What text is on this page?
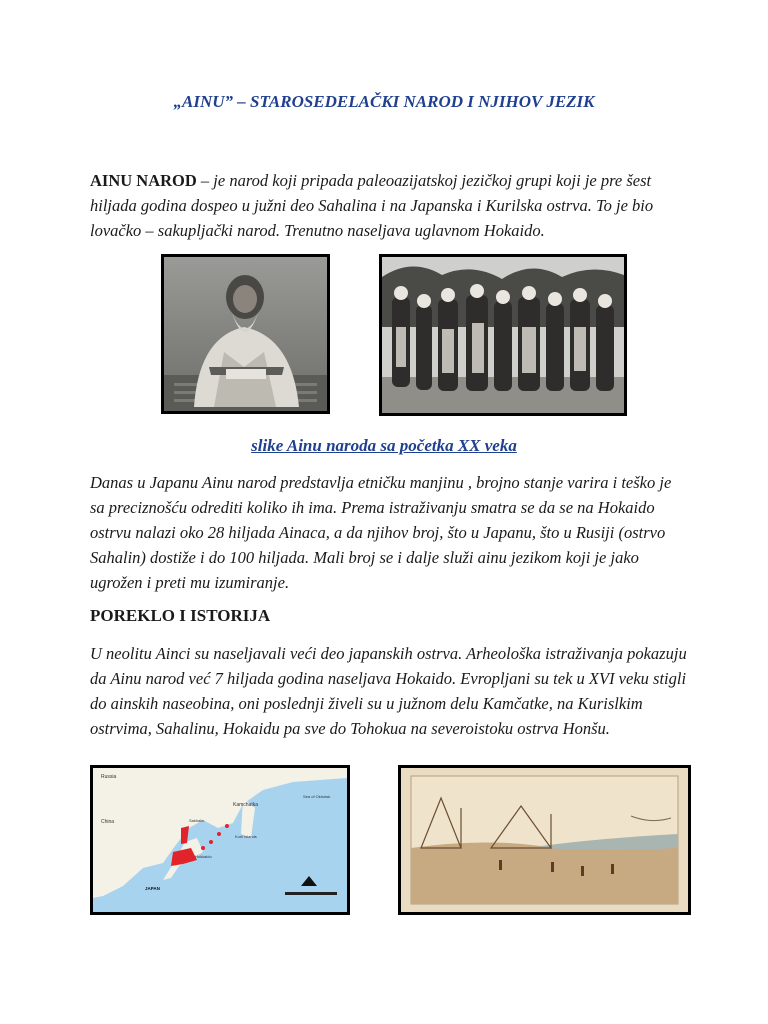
„AINU” – STAROSEDELAČKI NAROD I NJIHOV JEZIK
AINU NAROD – je narod koji pripada paleoazijatskoj jezičkoj grupi koji je pre šest hiljada godina dospeo u južni deo Sahalina i na Japanska i Kurilska ostrva. To je bio lovačko – sakupljački narod. Trenutno naseljava uglavnom Hokaido.
slike Ainu naroda sa početka XX veka
Danas u Japanu Ainu narod predstavlja etničku manjinu , brojno stanje varira i teško je sa preciznošću odrediti koliko ih ima. Prema istraživanju smatra se da se na Hokaido ostrvu nalazi oko 28 hiljada Ainaca, a da njihov broj, što u Japanu, što u Rusiji (ostrvo Sahalin) dostiže i do 100 hiljada. Mali broj se i dalje služi ainu jezikom koji je jako ugrožen i preti mu izumiranje.
POREKLO I ISTORIJA
U neolitu Ainci su naseljavali veći deo japanskih ostrva. Arheološka istraživanja pokazuju da Ainu narod već 7 hiljada godina naseljava Hokaido. Evropljani su tek u XVI veku stigli do ainskih naseobina, oni poslednji živeli su u južnom delu Kamčatke, na Kurislkim ostrvima, Sahalinu, Hokaidu pa sve do Tohokua na severoistoku ostrva Honšu.
Russia
China
Kamchatka
Sakhalin
Hokkaido
Kuril Islands
Sea of Okhotsk
JAPAN
